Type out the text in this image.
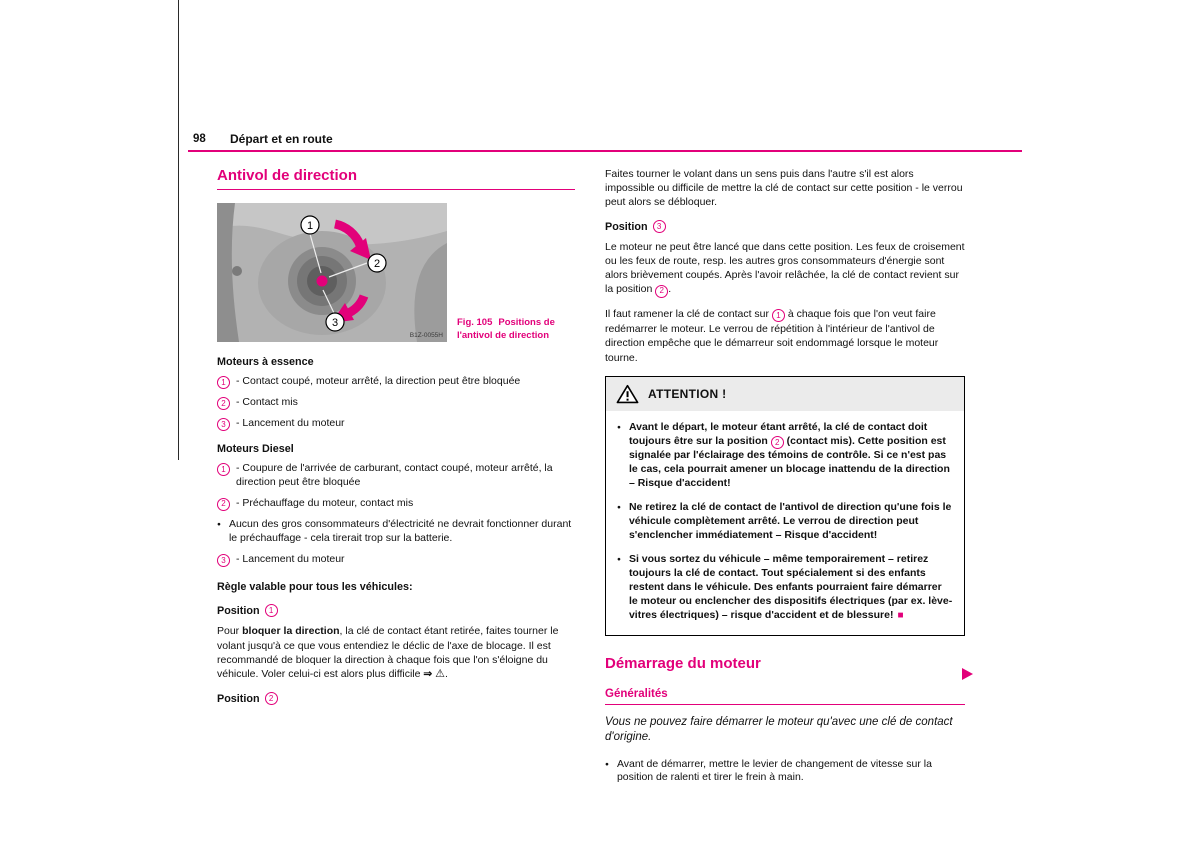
98 Départ et en route
Antivol de direction
1
2
3
B1Z-0055H
Fig. 105 Positions de l'antivol de direction
Moteurs à essence
1 - Contact coupé, moteur arrêté, la direction peut être bloquée
2 - Contact mis
3 - Lancement du moteur
Moteurs Diesel
1 - Coupure de l'arrivée de carburant, contact coupé, moteur arrêté, la direction peut être bloquée
2 - Préchauffage du moteur, contact mis
● Aucun des gros consommateurs d'électricité ne devrait fonctionner durant le préchauffage - cela tirerait trop sur la batterie.
3 - Lancement du moteur
Règle valable pour tous les véhicules:
Position	1

Pour bloquer la direction, la clé de contact étant retirée, faites tourner le volant jusqu'à ce que vous entendiez le déclic de l'axe de blocage. Il est recommandé de bloquer la direction à chaque fois que l'on s'éloigne du véhicule. Voler celui-ci est alors plus difficile ⇒ ⚠.

Position	2

Faites tourner le volant dans un sens puis dans l'autre s'il est alors impossible ou difficile de mettre la clé de contact sur cette position - le verrou peut alors se débloquer.

Position	3

Le moteur ne peut être lancé que dans cette position. Les feux de croisement ou les feux de route, resp. les autres gros consommateurs d'énergie sont alors brièvement coupés. Après l'avoir relâchée, la clé de contact revient sur la position 2 .

Il faut ramener la clé de contact sur 1 à chaque fois que l'on veut faire redémarrer le moteur. Le verrou de répétition à l'intérieur de l'antivol de direction empêche que le démarreur soit endommagé lorsque le moteur tourne.

ATTENTION !
● Avant le départ, le moteur étant arrêté, la clé de contact doit toujours être sur la position 2 (contact mis). Cette position est signalée par l'éclairage des témoins de contrôle. Si ce n'est pas le cas, cela pourrait amener un blocage inattendu de la direction – Risque d'accident!

● Ne retirez la clé de contact de l'antivol de direction qu'une fois le véhicule complètement arrêté. Le verrou de direction peut s'enclencher immédiatement – Risque d'accident!

● Si vous sortez du véhicule – même temporairement – retirez toujours la clé de contact. Tout spécialement si des enfants restent dans le véhicule. Des enfants pourraient faire démarrer le moteur ou enclencher des dispositifs électriques (par ex. lève-vitres électriques) – risque d'accident et de blessure! ■

Démarrage du moteur
Généralités

Vous ne pouvez faire démarrer le moteur qu'avec une clé de contact d'origine.

● Avant de démarrer, mettre le levier de changement de vitesse sur la position de ralenti et tirer le frein à main.
